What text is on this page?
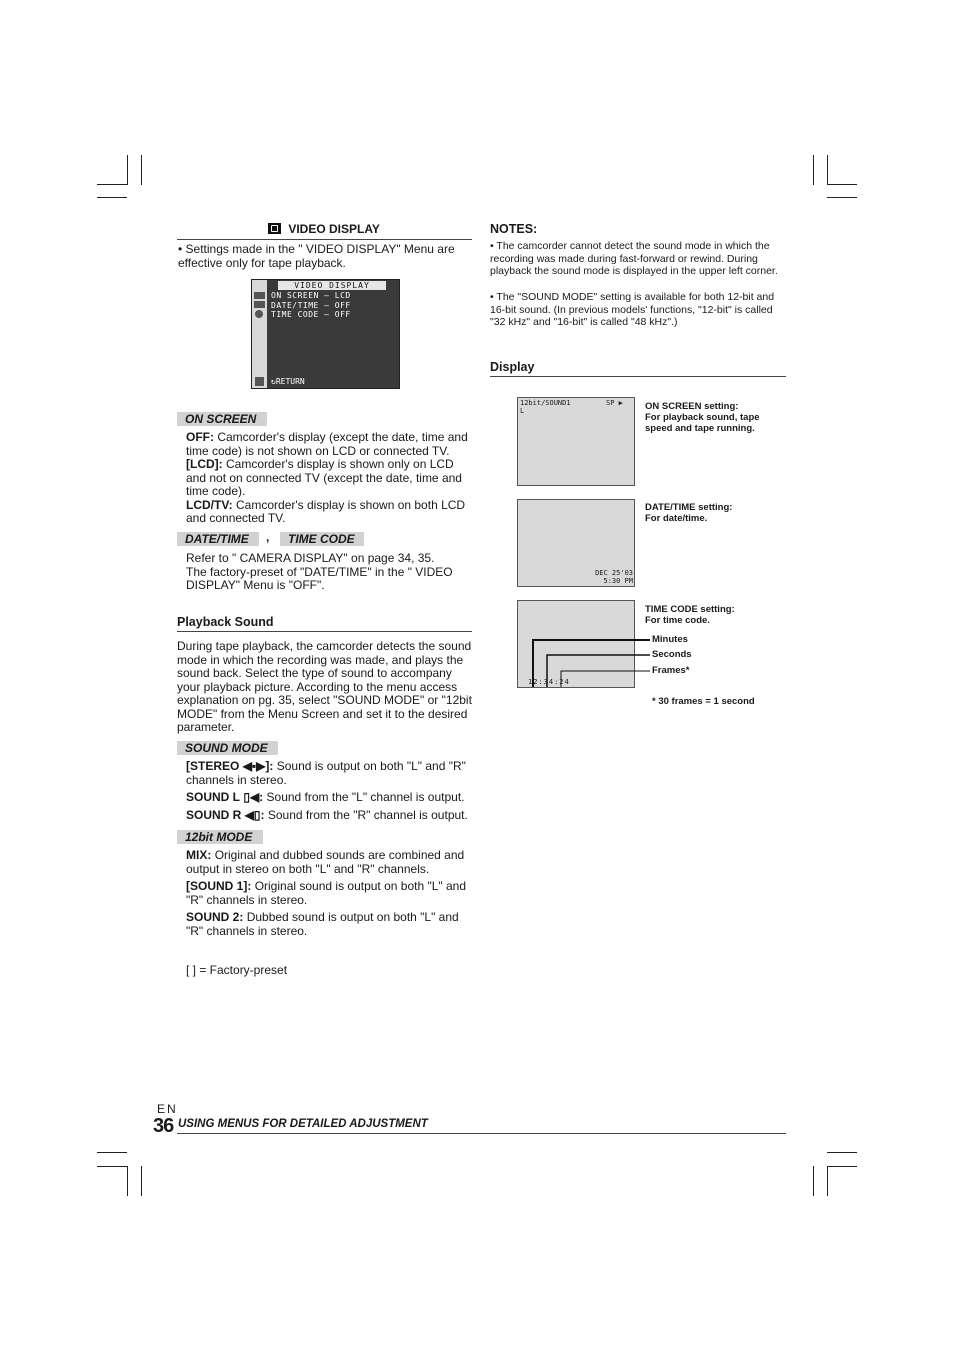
VIDEO DISPLAY
• Settings made in the " VIDEO DISPLAY" Menu are effective only for tape playback.
VIDEO DISPLAY
ON SCREEN – LCD
DATE/TIME – OFF
TIME CODE – OFF
↻RETURN
ON SCREEN
OFF: Camcorder's display (except the date, time and time code) is not shown on LCD or connected TV.
[LCD]: Camcorder's display is shown only on LCD and not on connected TV (except the date, time and time code).
LCD/TV: Camcorder's display is shown on both LCD and connected TV.
DATE/TIME	,	TIME CODE
Refer to " CAMERA DISPLAY" on page 34, 35.
The factory-preset of "DATE/TIME" in the " VIDEO DISPLAY" Menu is "OFF".
Playback Sound
During tape playback, the camcorder detects the sound mode in which the recording was made, and plays the sound back. Select the type of sound to accompany your playback picture. According to the menu access explanation on pg. 35, select "SOUND MODE" or "12bit MODE" from the Menu Screen and set it to the desired parameter.
SOUND MODE
[STEREO ◀▪▶]: Sound is output on both "L" and "R" channels in stereo.
SOUND L ▯◀: Sound from the "L" channel is output.
SOUND R ◀▯: Sound from the "R" channel is output.
12bit MODE
MIX: Original and dubbed sounds are combined and output in stereo on both "L" and "R" channels.
[SOUND 1]: Original sound is output on both "L" and "R" channels in stereo.
SOUND 2: Dubbed sound is output on both "L" and "R" channels in stereo.
[ ] = Factory-preset
NOTES:
• The camcorder cannot detect the sound mode in which the recording was made during fast-forward or rewind. During playback the sound mode is displayed in the upper left corner.
• The "SOUND MODE" setting is available for both 12-bit and 16-bit sound. (In previous models' functions, "12-bit" is called "32 kHz" and "16-bit" is called "48 kHz".)
Display
12bit/SOUND1
L
SP ▶ ON SCREEN setting:
For playback sound, tape speed and tape running.
DEC 25'03
5:30 PM
DATE/TIME setting:
For date/time.
12:34:24
TIME CODE setting:
For time code.
Minutes
Seconds
Frames*
* 30 frames = 1 second
EN
36 USING MENUS FOR DETAILED ADJUSTMENT
